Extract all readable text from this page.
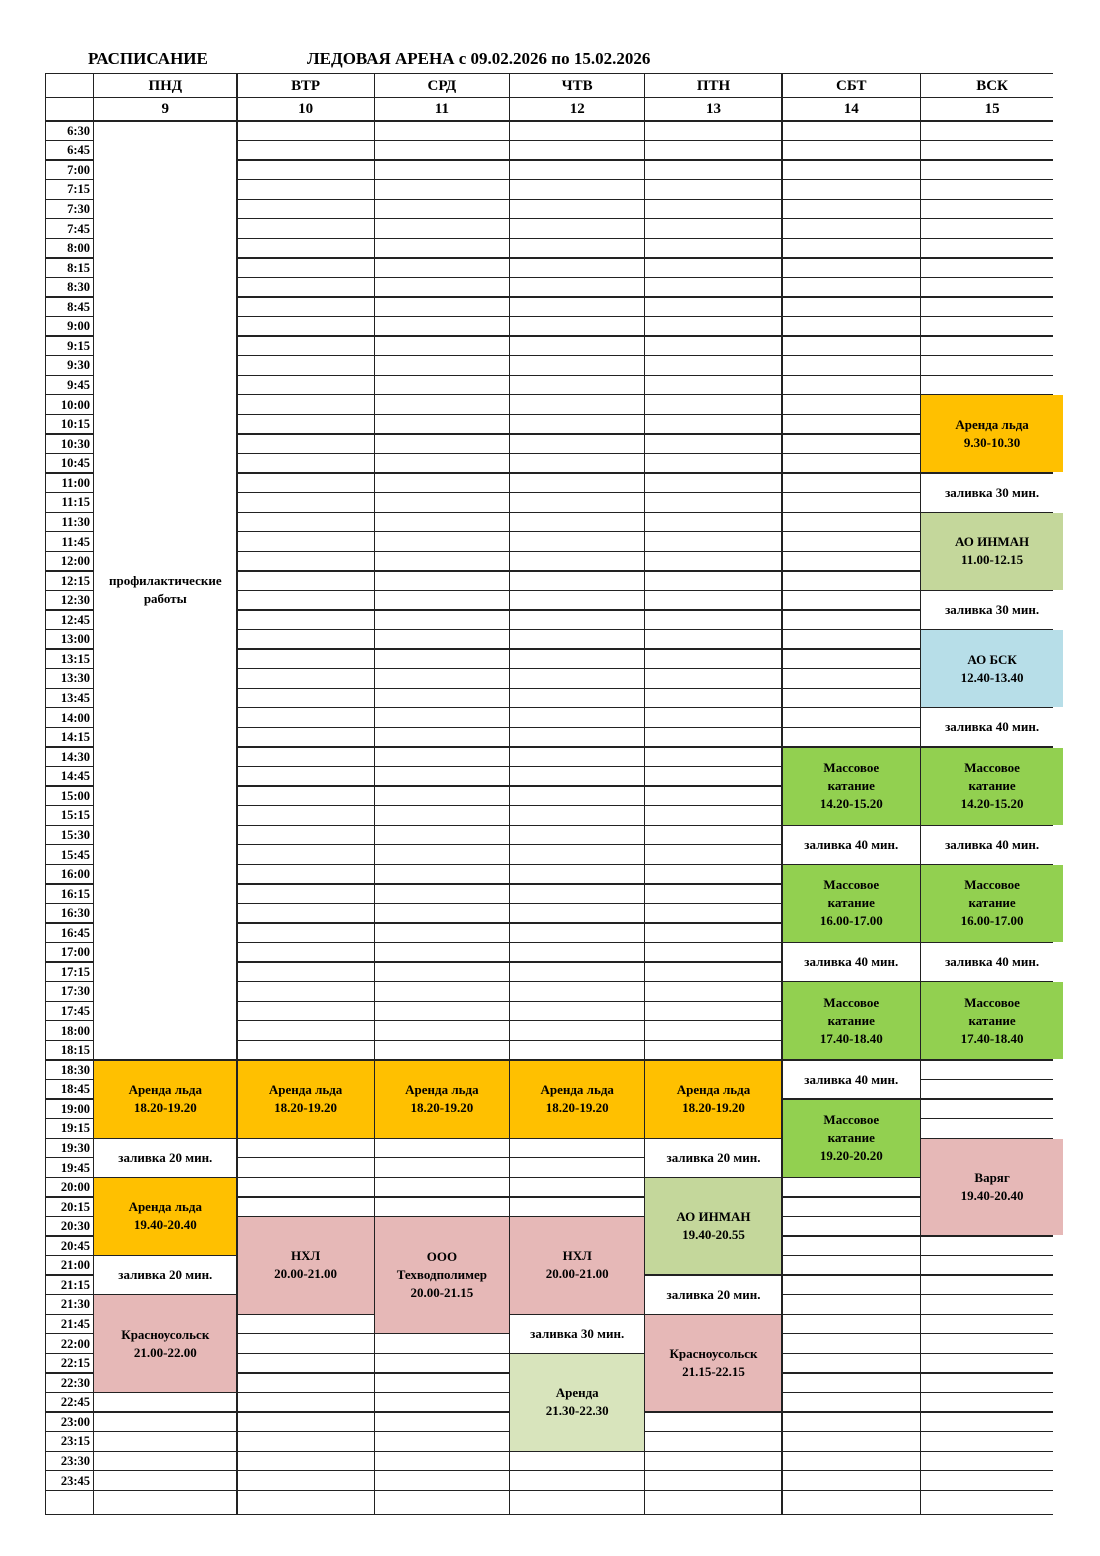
РАСПИСАНИЕ	ЛЕДОВАЯ АРЕНА с 09.02.2026 по 15.02.2026
ПНД
9
ВТР
10
СРД
11
ЧТВ
12
ПТН
13
СБТ
14
ВСК
15
6:30
6:45
7:00
7:15
7:30
7:45
8:00
8:15
8:30
8:45
9:00
9:15
9:30
9:45
10:00
10:15
10:30
10:45
11:00
11:15
11:30
11:45
12:00
12:15
12:30
12:45
13:00
13:15
13:30
13:45
14:00
14:15
14:30
14:45
15:00
15:15
15:30
15:45
16:00
16:15
16:30
16:45
17:00
17:15
17:30
17:45
18:00
18:15
18:30
18:45
19:00
19:15
19:30
19:45
20:00
20:15
20:30
20:45
21:00
21:15
21:30
21:45
22:00
22:15
22:30
22:45
23:00
23:15
23:30
23:45
профилактические
работы
Аренда льда
18.20-19.20
заливка 20 мин.
Аренда льда
19.40-20.40
заливка 20 мин.
Красноусольск
21.00-22.00
Аренда льда
18.20-19.20
НХЛ
20.00-21.00
Аренда льда
18.20-19.20
ООО
Техводполимер
20.00-21.15
Аренда льда
18.20-19.20
НХЛ
20.00-21.00
заливка 30 мин.
Аренда
21.30-22.30
Аренда льда
18.20-19.20
заливка 20 мин.
АО ИНМАН
19.40-20.55
заливка 20 мин.
Красноусольск
21.15-22.15
Массовое
катание
14.20-15.20
заливка 40 мин.
Массовое
катание
16.00-17.00
заливка 40 мин.
Массовое
катание
17.40-18.40
заливка 40 мин.
Массовое
катание
19.20-20.20
Аренда льда
9.30-10.30
заливка 30 мин.
АО ИНМАН
11.00-12.15
заливка 30 мин.
АО БСК
12.40-13.40
заливка 40 мин.
Массовое
катание
14.20-15.20
заливка 40 мин.
Массовое
катание
16.00-17.00
заливка 40 мин.
Массовое
катание
17.40-18.40
Варяг
19.40-20.40
